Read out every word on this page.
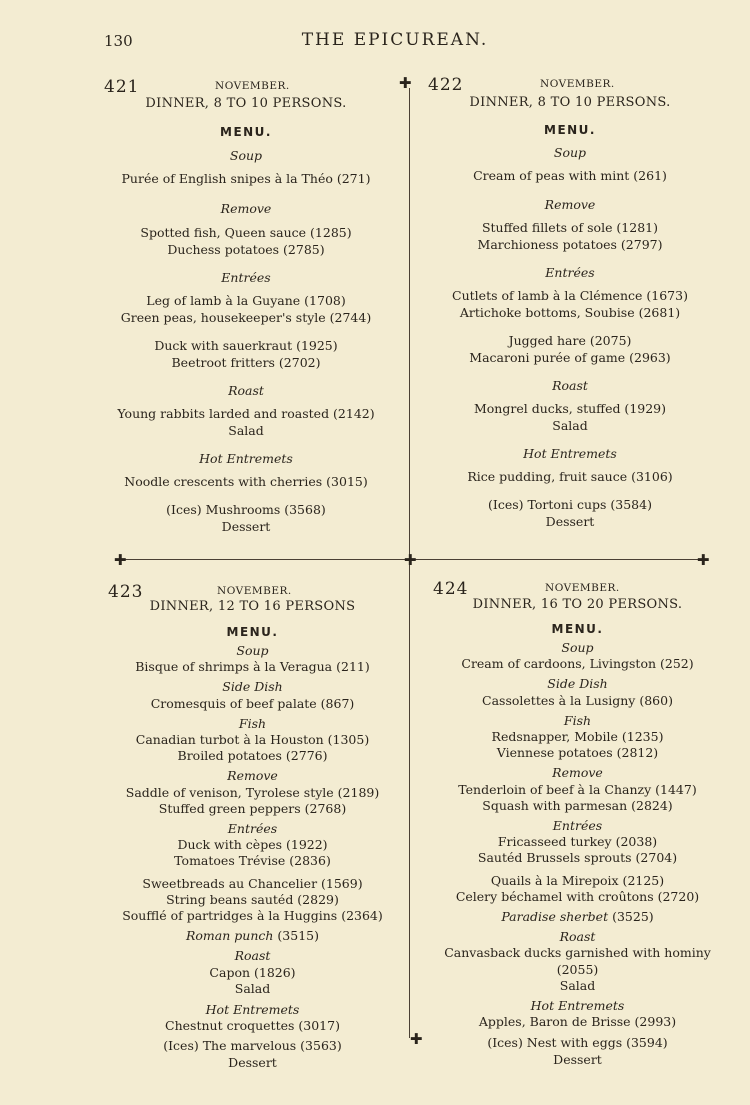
130	THE EPICUREAN.
✚
✚	✚	✚
✚
421	NOVEMBER.
DINNER, 8 TO 10 PERSONS.
MENU.
Soup
Purée of English snipes à la Théo (271)
Remove
Spotted fish, Queen sauce (1285)
Duchess potatoes (2785)
Entrées
Leg of lamb à la Guyane (1708)
Green peas, housekeeper's style (2744)
Duck with sauerkraut (1925)
Beetroot fritters (2702)
Roast
Young rabbits larded and roasted (2142)
Salad
Hot Entremets
Noodle crescents with cherries (3015)
(Ices) Mushrooms (3568)
Dessert
422	NOVEMBER.
DINNER, 8 TO 10 PERSONS.
MENU.
Soup
Cream of peas with mint (261)
Remove
Stuffed fillets of sole (1281)
Marchioness potatoes (2797)
Entrées
Cutlets of lamb à la Clémence (1673)
Artichoke bottoms, Soubise (2681)
Jugged hare (2075)
Macaroni purée of game (2963)
Roast
Mongrel ducks, stuffed (1929)
Salad
Hot Entremets
Rice pudding, fruit sauce (3106)
(Ices) Tortoni cups (3584)
Dessert
423	NOVEMBER.
DINNER, 12 TO 16 PERSONS
MENU.
Soup
Bisque of shrimps à la Veragua (211)
Side Dish
Cromesquis of beef palate (867)
Fish
Canadian turbot à la Houston (1305)
Broiled potatoes (2776)
Remove
Saddle of venison, Tyrolese style (2189)
Stuffed green peppers (2768)
Entrées
Duck with cèpes (1922)
Tomatoes Trévise (2836)
Sweetbreads au Chancelier (1569)
String beans sautéd (2829)
Soufflé of partridges à la Huggins (2364)
Roman punch (3515)
Roast
Capon (1826)
Salad
Hot Entremets
Chestnut croquettes (3017)
(Ices) The marvelous (3563)
Dessert
424	NOVEMBER.
DINNER, 16 TO 20 PERSONS.
MENU.
Soup
Cream of cardoons, Livingston (252)
Side Dish
Cassolettes à la Lusigny (860)
Fish
Redsnapper, Mobile (1235)
Viennese potatoes (2812)
Remove
Tenderloin of beef à la Chanzy (1447)
Squash with parmesan (2824)
Entrées
Fricasseed turkey (2038)
Sautéd Brussels sprouts (2704)
Quails à la Mirepoix (2125)
Celery béchamel with croûtons (2720)
Paradise sherbet (3525)
Roast
Canvasback ducks garnished with hominy
(2055)
Salad
Hot Entremets
Apples, Baron de Brisse (2993)
(Ices) Nest with eggs (3594)
Dessert
